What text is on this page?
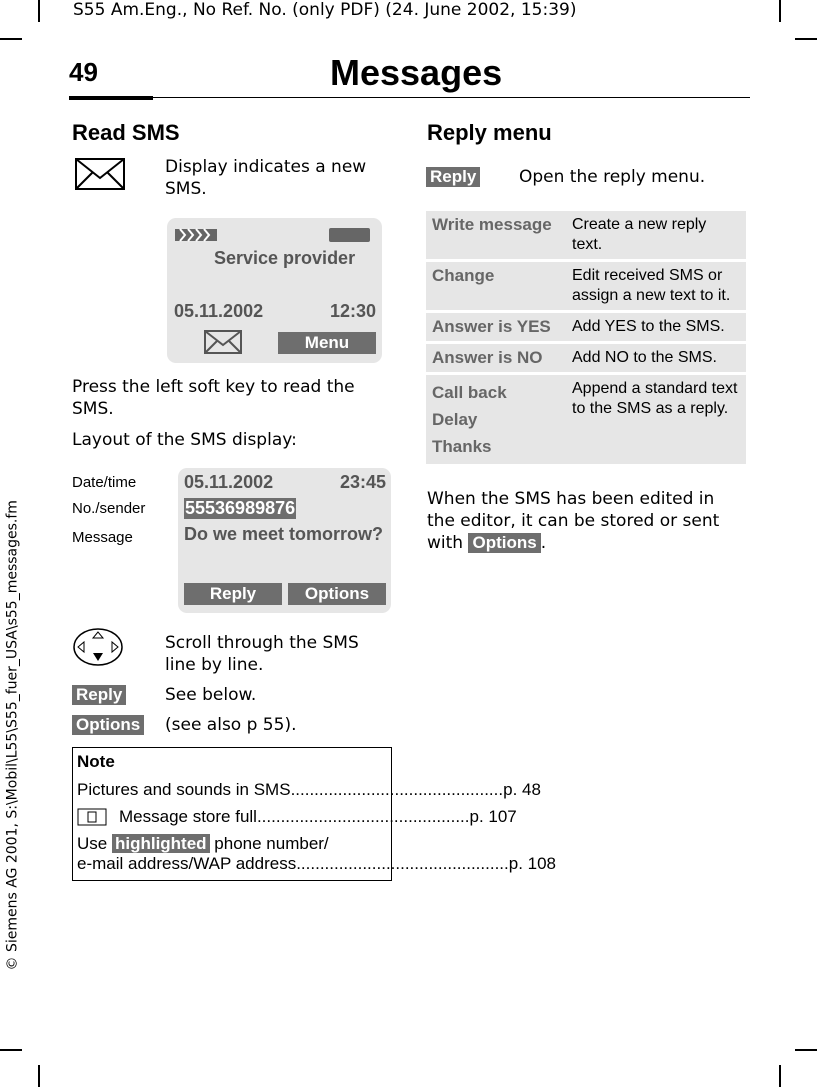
S55 Am.Eng., No Ref. No. (only PDF) (24. June 2002, 15:39)
49	Messages
© Siemens AG 2001, S:\Mobil\L55\S55_fuer_USA\s55_messages.fm
Read SMS
Display indicates a new SMS.
Service provider
05.11.2002	12:30
Menu
Press the left soft key to read the SMS.
Layout of the SMS display:
Date/time
No./sender
Message
05.11.2002	23:45
55536989876
Do we meet tomorrow?
Reply	Options
Scroll through the SMS line by line.
Reply	See below.
Options (see also p 55).
Note
Pictures and sounds in SMS ............................................. p. 48
Message store full ............................................. p. 107
Use highlighted phone number/
e-mail address/WAP address ............................................. p. 108
Reply menu
Reply	Open the reply menu.
Write message	Create a new reply text.
Change	Edit received SMS or assign a new text to it.
Answer is YES	Add YES to the SMS.
Answer is NO	Add NO to the SMS.

Call back
Delay
Thanks	Append a standard text to the SMS as a reply.
When the SMS has been edited in the editor, it can be stored or sent with Options .
